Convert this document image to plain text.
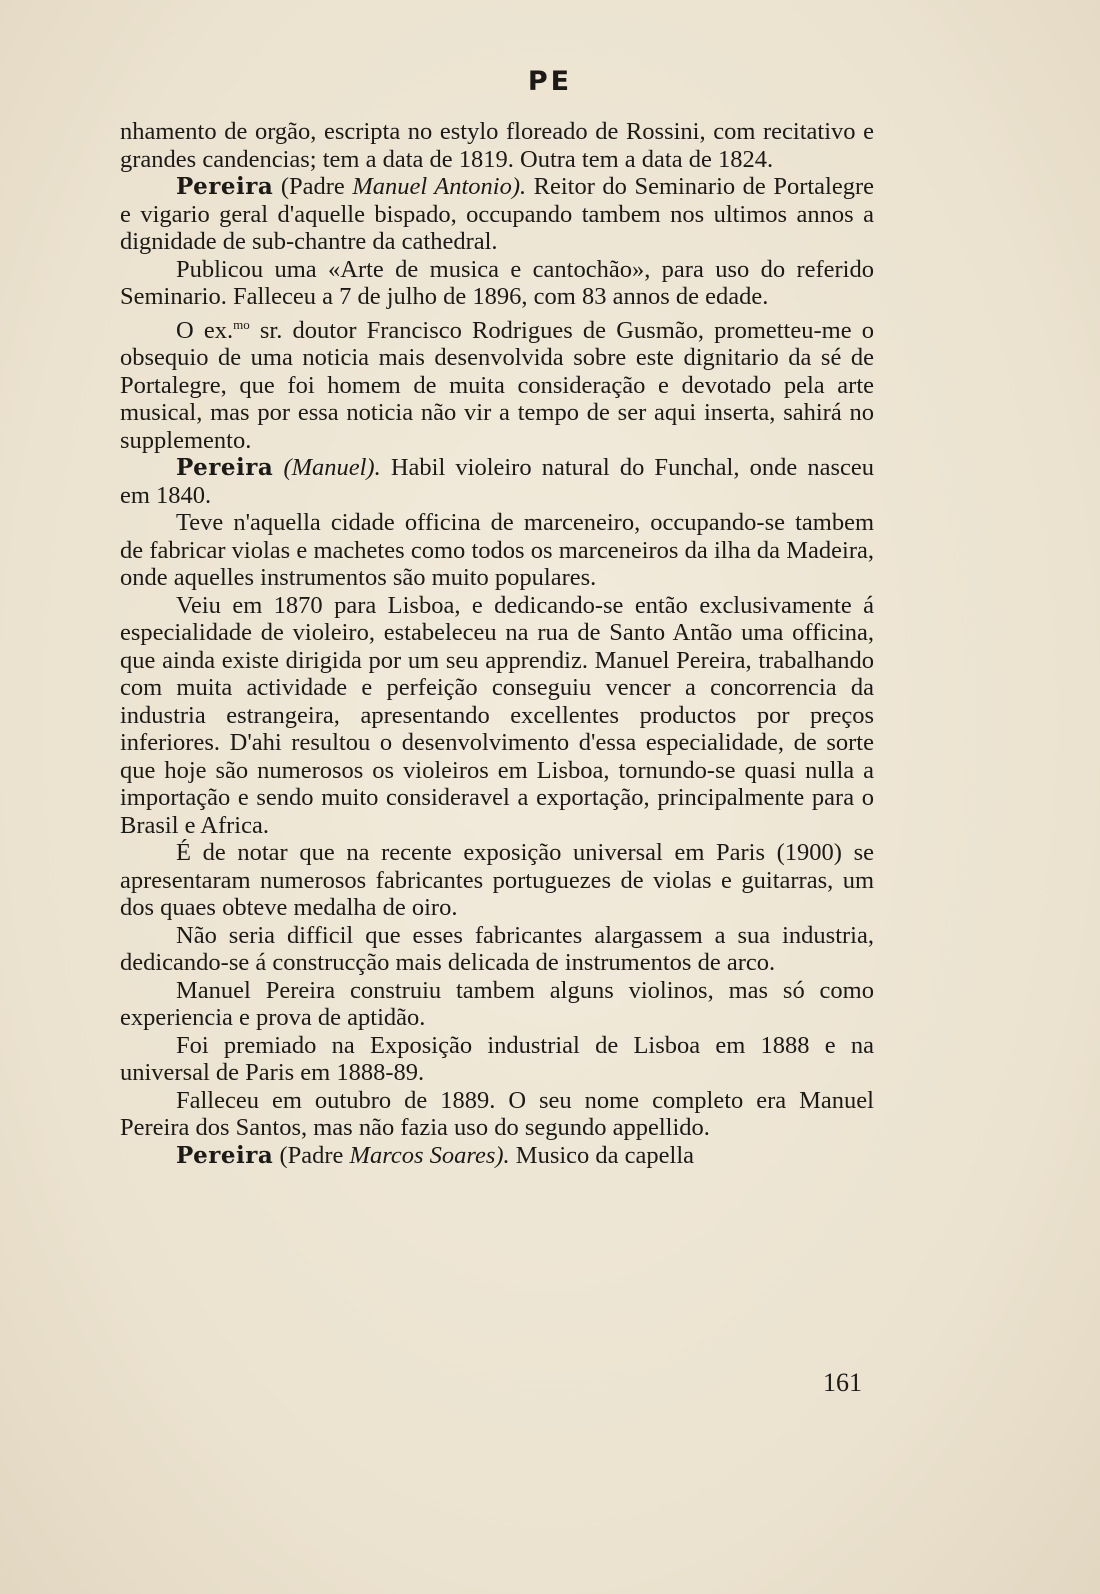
PE

nhamento de orgão, escripta no estylo floreado de Rossini, com recitativo e grandes candencias; tem a data de 1819. Outra tem a data de 1824.

Pereira (Padre Manuel Antonio). Reitor do Seminario de Portalegre e vigario geral d'aquelle bispado, occupando tambem nos ultimos annos a dignidade de sub-chantre da cathedral.

Publicou uma «Arte de musica e cantochão», para uso do referido Seminario. Falleceu a 7 de julho de 1896, com 83 annos de edade.

O ex.$^{mo}$ sr. doutor Francisco Rodrigues de Gusmão, prometteu-me o obsequio de uma noticia mais desenvolvida sobre este dignitario da sé de Portalegre, que foi homem de muita consideração e devotado pela arte musical, mas por essa noticia não vir a tempo de ser aqui inserta, sahirá no supplemento.

Pereira (Manuel). Habil violeiro natural do Funchal, onde nasceu em 1840.

Teve n'aquella cidade officina de marceneiro, occupando-se tambem de fabricar violas e machetes como todos os marceneiros da ilha da Madeira, onde aquelles instrumentos são muito populares.

Veiu em 1870 para Lisboa, e dedicando-se então exclusivamente á especialidade de violeiro, estabeleceu na rua de Santo Antão uma officina, que ainda existe dirigida por um seu apprendiz. Manuel Pereira, trabalhando com muita actividade e perfeição conseguiu vencer a concorrencia da industria estrangeira, apresentando excellentes productos por preços inferiores. D'ahi resultou o desenvolvimento d'essa especialidade, de sorte que hoje são numerosos os violeiros em Lisboa, tornundo-se quasi nulla a importação e sendo muito consideravel a exportação, principalmente para o Brasil e Africa.

É de notar que na recente exposição universal em Paris (1900) se apresentaram numerosos fabricantes portuguezes de violas e guitarras, um dos quaes obteve medalha de oiro.

Não seria difficil que esses fabricantes alargassem a sua industria, dedicando-se á construcção mais delicada de instrumentos de arco.

Manuel Pereira construiu tambem alguns violinos, mas só como experiencia e prova de aptidão.

Foi premiado na Exposição industrial de Lisboa em 1888 e na universal de Paris em 1888-89.

Falleceu em outubro de 1889. O seu nome completo era Manuel Pereira dos Santos, mas não fazia uso do segundo appellido.

Pereira (Padre Marcos Soares). Musico da capella

161
